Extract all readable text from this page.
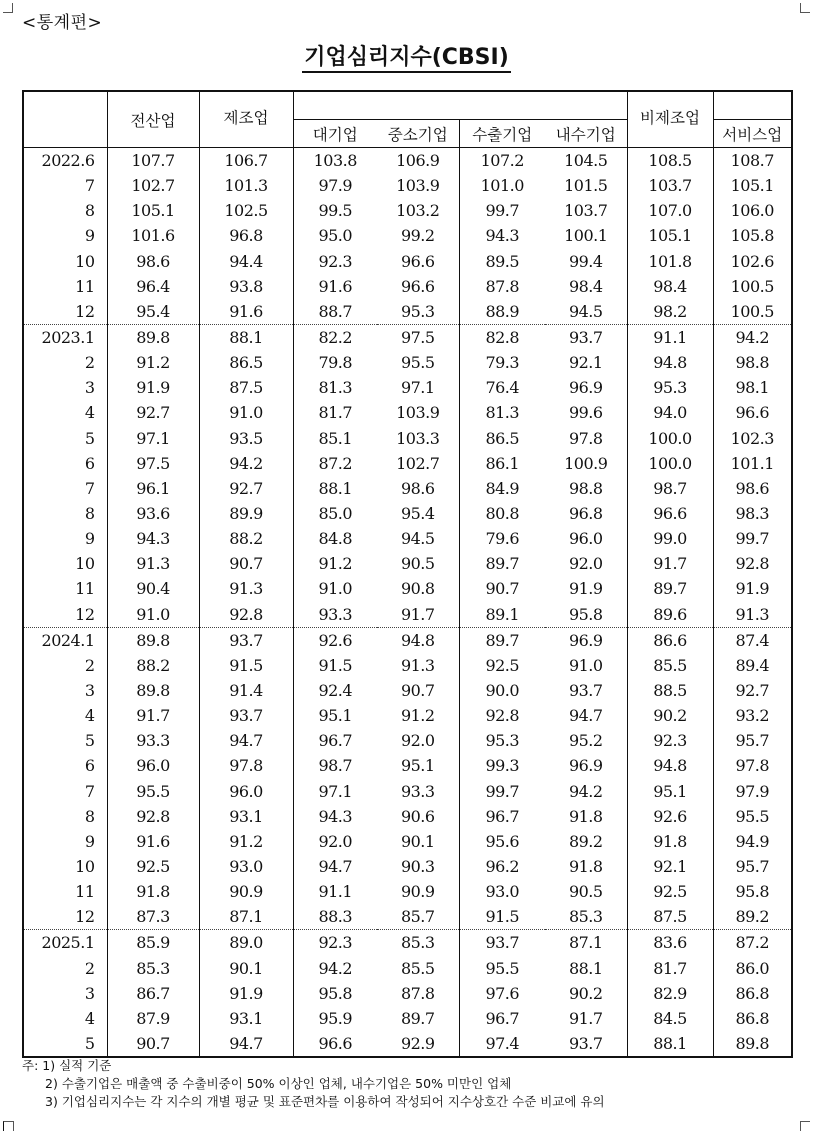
<통계편>
기업심리지수(CBSI)
	전산업	제조업					비제조업	
			대기업	중소기업	수출기업	내수기업		서비스업
2022.6	107.7	106.7	103.8	106.9	107.2	104.5	108.5	108.7
7	102.7	101.3	97.9	103.9	101.0	101.5	103.7	105.1
8	105.1	102.5	99.5	103.2	99.7	103.7	107.0	106.0
9	101.6	96.8	95.0	99.2	94.3	100.1	105.1	105.8
10	98.6	94.4	92.3	96.6	89.5	99.4	101.8	102.6
11	96.4	93.8	91.6	96.6	87.8	98.4	98.4	100.5
12	95.4	91.6	88.7	95.3	88.9	94.5	98.2	100.5
2023.1	89.8	88.1	82.2	97.5	82.8	93.7	91.1	94.2
2	91.2	86.5	79.8	95.5	79.3	92.1	94.8	98.8
3	91.9	87.5	81.3	97.1	76.4	96.9	95.3	98.1
4	92.7	91.0	81.7	103.9	81.3	99.6	94.0	96.6
5	97.1	93.5	85.1	103.3	86.5	97.8	100.0	102.3
6	97.5	94.2	87.2	102.7	86.1	100.9	100.0	101.1
7	96.1	92.7	88.1	98.6	84.9	98.8	98.7	98.6
8	93.6	89.9	85.0	95.4	80.8	96.8	96.6	98.3
9	94.3	88.2	84.8	94.5	79.6	96.0	99.0	99.7
10	91.3	90.7	91.2	90.5	89.7	92.0	91.7	92.8
11	90.4	91.3	91.0	90.8	90.7	91.9	89.7	91.9
12	91.0	92.8	93.3	91.7	89.1	95.8	89.6	91.3
2024.1	89.8	93.7	92.6	94.8	89.7	96.9	86.6	87.4
2	88.2	91.5	91.5	91.3	92.5	91.0	85.5	89.4
3	89.8	91.4	92.4	90.7	90.0	93.7	88.5	92.7
4	91.7	93.7	95.1	91.2	92.8	94.7	90.2	93.2
5	93.3	94.7	96.7	92.0	95.3	95.2	92.3	95.7
6	96.0	97.8	98.7	95.1	99.3	96.9	94.8	97.8
7	95.5	96.0	97.1	93.3	99.7	94.2	95.1	97.9
8	92.8	93.1	94.3	90.6	96.7	91.8	92.6	95.5
9	91.6	91.2	92.0	90.1	95.6	89.2	91.8	94.9
10	92.5	93.0	94.7	90.3	96.2	91.8	92.1	95.7
11	91.8	90.9	91.1	90.9	93.0	90.5	92.5	95.8
12	87.3	87.1	88.3	85.7	91.5	85.3	87.5	89.2
2025.1	85.9	89.0	92.3	85.3	93.7	87.1	83.6	87.2
2	85.3	90.1	94.2	85.5	95.5	88.1	81.7	86.0
3	86.7	91.9	95.8	87.8	97.6	90.2	82.9	86.8
4	87.9	93.1	95.9	89.7	96.7	91.7	84.5	86.8
5	90.7	94.7	96.6	92.9	97.4	93.7	88.1	89.8
주: 1) 실적 기준
2) 수출기업은 매출액 중 수출비중이 50% 이상인 업체, 내수기업은 50% 미만인 업체
3) 기업심리지수는 각 지수의 개별 평균 및 표준편차를 이용하여 작성되어 지수상호간 수준 비교에 유의
